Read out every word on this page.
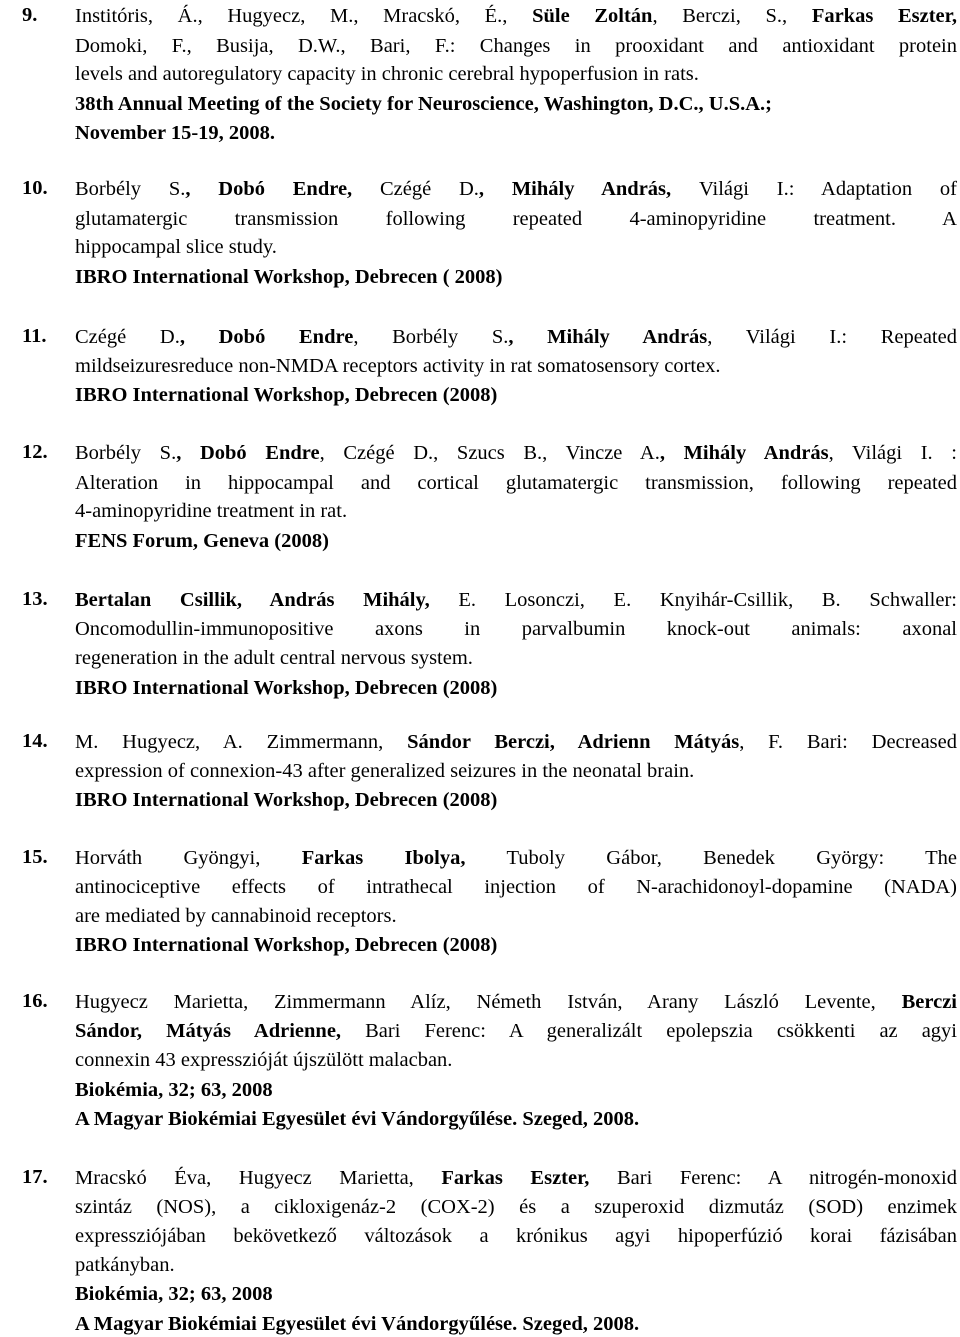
9. Institóris, Á., Hugyecz, M., Mracskó, É., Süle Zoltán, Berczi, S., Farkas Eszter,
Domoki, F., Busija, D.W., Bari, F.: Changes in prooxidant and antioxidant protein
levels and autoregulatory capacity in chronic cerebral hypoperfusion in rats.
38th Annual Meeting of the Society for Neuroscience, Washington, D.C., U.S.A.;
November 15-19, 2008.
10. Borbély S., Dobó Endre, Czégé D., Mihály András, Világi I.: Adaptation of
glutamatergic transmission following repeated 4-aminopyridine treatment. A
hippocampal slice study.
IBRO International Workshop, Debrecen ( 2008)
11. Czégé D., Dobó Endre, Borbély S., Mihály András, Világi I.: Repeated
mildseizuresreduce non-NMDA receptors activity in rat somatosensory cortex.
IBRO International Workshop, Debrecen (2008)
12. Borbély S., Dobó Endre, Czégé D., Szucs B., Vincze A., Mihály András, Világi I. :
Alteration in hippocampal and cortical glutamatergic transmission, following repeated
4-aminopyridine treatment in rat.
FENS Forum, Geneva (2008)
13. Bertalan Csillik, András Mihály, E. Losonczi, E. Knyihár-Csillik, B. Schwaller:
Oncomodullin-immunopositive axons in parvalbumin knock-out animals: axonal
regeneration in the adult central nervous system.
IBRO International Workshop, Debrecen (2008)
14. M. Hugyecz, A. Zimmermann, Sándor Berczi, Adrienn Mátyás, F. Bari: Decreased
expression of connexion-43 after generalized seizures in the neonatal brain.
IBRO International Workshop, Debrecen (2008)
15. Horváth Gyöngyi, Farkas Ibolya, Tuboly Gábor, Benedek György: The
antinociceptive effects of intrathecal injection of N-arachidonoyl-dopamine (NADA)
are mediated by cannabinoid receptors.
IBRO International Workshop, Debrecen (2008)
16. Hugyecz Marietta, Zimmermann Alíz, Németh István, Arany László Levente, Berczi
Sándor, Mátyás Adrienne, Bari Ferenc: A generalizált epolepszia csökkenti az agyi
connexin 43 expresszióját újszülött malacban.
Biokémia, 32; 63, 2008
A Magyar Biokémiai Egyesület évi Vándorgyűlése. Szeged, 2008.
17. Mracskó Éva, Hugyecz Marietta, Farkas Eszter, Bari Ferenc: A nitrogén-monoxid
szintáz (NOS), a cikloxigenáz-2 (COX-2) és a szuperoxid dizmutáz (SOD) enzimek
expressziójában bekövetkező változások a krónikus agyi hipoperfúzió korai fázisában
patkányban.
Biokémia, 32; 63, 2008
A Magyar Biokémiai Egyesület évi Vándorgyűlése. Szeged, 2008.
